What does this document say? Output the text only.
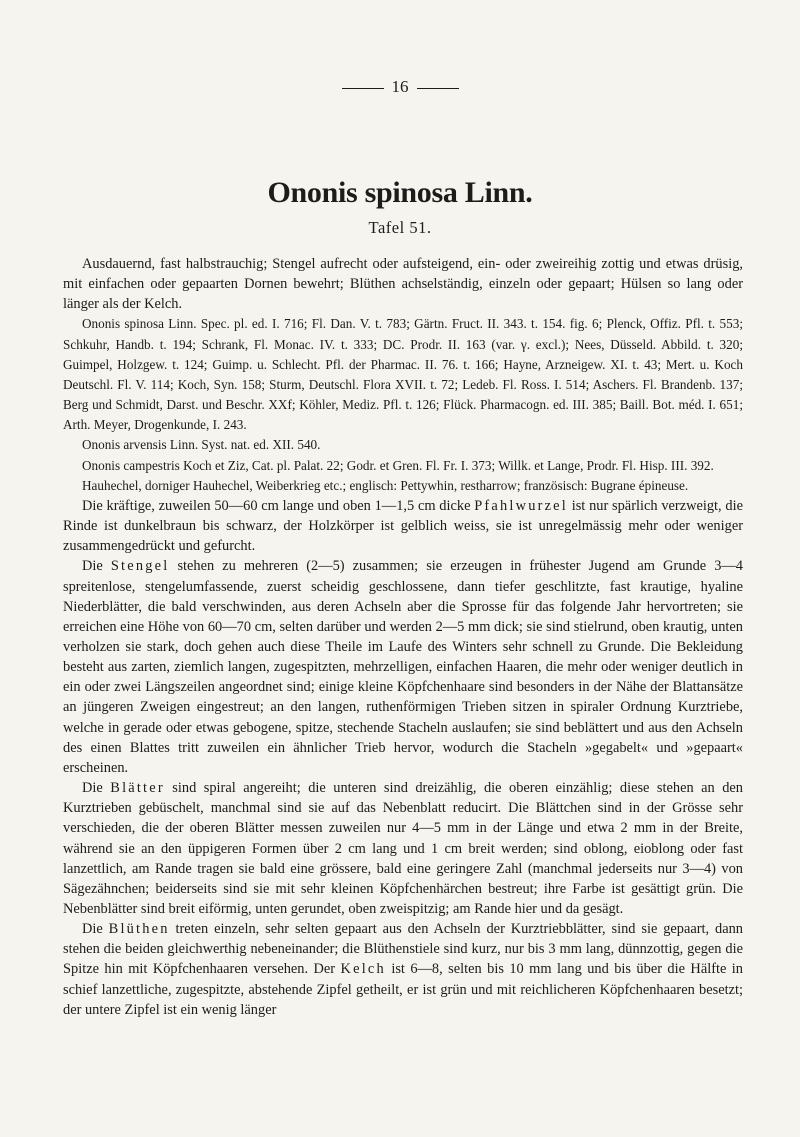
16
Ononis spinosa Linn.
Tafel 51.

Ausdauernd, fast halbstrauchig; Stengel aufrecht oder aufsteigend, ein- oder zweireihig zottig und etwas drüsig, mit einfachen oder gepaarten Dornen bewehrt; Blüthen achselständig, einzeln oder gepaart; Hülsen so lang oder länger als der Kelch.

Ononis spinosa Linn. Spec. pl. ed. I. 716; Fl. Dan. V. t. 783; Gärtn. Fruct. II. 343. t. 154. fig. 6; Plenck, Offiz. Pfl. t. 553; Schkuhr, Handb. t. 194; Schrank, Fl. Monac. IV. t. 333; DC. Prodr. II. 163 (var. γ. excl.); Nees, Düsseld. Abbild. t. 320; Guimpel, Holzgew. t. 124; Guimp. u. Schlecht. Pfl. der Pharmac. II. 76. t. 166; Hayne, Arzneigew. XI. t. 43; Mert. u. Koch Deutschl. Fl. V. 114; Koch, Syn. 158; Sturm, Deutschl. Flora XVII. t. 72; Ledeb. Fl. Ross. I. 514; Aschers. Fl. Brandenb. 137; Berg und Schmidt, Darst. und Beschr. XXf; Köhler, Mediz. Pfl. t. 126; Flück. Pharmacogn. ed. III. 385; Baill. Bot. méd. I. 651; Arth. Meyer, Drogenkunde, I. 243.

Ononis arvensis Linn. Syst. nat. ed. XII. 540.

Ononis campestris Koch et Ziz, Cat. pl. Palat. 22; Godr. et Gren. Fl. Fr. I. 373; Willk. et Lange, Prodr. Fl. Hisp. III. 392.

Hauhechel, dorniger Hauhechel, Weiberkrieg etc.; englisch: Pettywhin, restharrow; französisch: Bugrane épineuse.

Die kräftige, zuweilen 50—60 cm lange und oben 1—1,5 cm dicke Pfahlwurzel ist nur spärlich verzweigt, die Rinde ist dunkelbraun bis schwarz, der Holzkörper ist gelblich weiss, sie ist unregelmässig mehr oder weniger zusammengedrückt und gefurcht.

Die Stengel stehen zu mehreren (2—5) zusammen; sie erzeugen in frühester Jugend am Grunde 3—4 spreitenlose, stengelumfassende, zuerst scheidig geschlossene, dann tiefer geschlitzte, fast krautige, hyaline Niederblätter, die bald verschwinden, aus deren Achseln aber die Sprosse für das folgende Jahr hervortreten; sie erreichen eine Höhe von 60—70 cm, selten darüber und werden 2—5 mm dick; sie sind stielrund, oben krautig, unten verholzen sie stark, doch gehen auch diese Theile im Laufe des Winters sehr schnell zu Grunde. Die Bekleidung besteht aus zarten, ziemlich langen, zugespitzten, mehrzelligen, einfachen Haaren, die mehr oder weniger deutlich in ein oder zwei Längszeilen angeordnet sind; einige kleine Köpfchenhaare sind besonders in der Nähe der Blattansätze an jüngeren Zweigen eingestreut; an den langen, ruthenförmigen Trieben sitzen in spiraler Ordnung Kurztriebe, welche in gerade oder etwas gebogene, spitze, stechende Stacheln auslaufen; sie sind beblättert und aus den Achseln des einen Blattes tritt zuweilen ein ähnlicher Trieb hervor, wodurch die Stacheln »gegabelt« und »gepaart« erscheinen.

Die Blätter sind spiral angereiht; die unteren sind dreizählig, die oberen einzählig; diese stehen an den Kurztrieben gebüschelt, manchmal sind sie auf das Nebenblatt reducirt. Die Blättchen sind in der Grösse sehr verschieden, die der oberen Blätter messen zuweilen nur 4—5 mm in der Länge und etwa 2 mm in der Breite, während sie an den üppigeren Formen über 2 cm lang und 1 cm breit werden; sind oblong, eioblong oder fast lanzettlich, am Rande tragen sie bald eine grössere, bald eine geringere Zahl (manchmal jederseits nur 3—4) von Sägezähnchen; beiderseits sind sie mit sehr kleinen Köpfchenhärchen bestreut; ihre Farbe ist gesättigt grün. Die Nebenblätter sind breit eiförmig, unten gerundet, oben zweispitzig; am Rande hier und da gesägt.

Die Blüthen treten einzeln, sehr selten gepaart aus den Achseln der Kurztriebblätter, sind sie gepaart, dann stehen die beiden gleichwerthig nebeneinander; die Blüthenstiele sind kurz, nur bis 3 mm lang, dünnzottig, gegen die Spitze hin mit Köpfchenhaaren versehen. Der Kelch ist 6—8, selten bis 10 mm lang und bis über die Hälfte in schief lanzettliche, zugespitzte, abstehende Zipfel getheilt, er ist grün und mit reichlicheren Köpfchenhaaren besetzt; der untere Zipfel ist ein wenig länger
